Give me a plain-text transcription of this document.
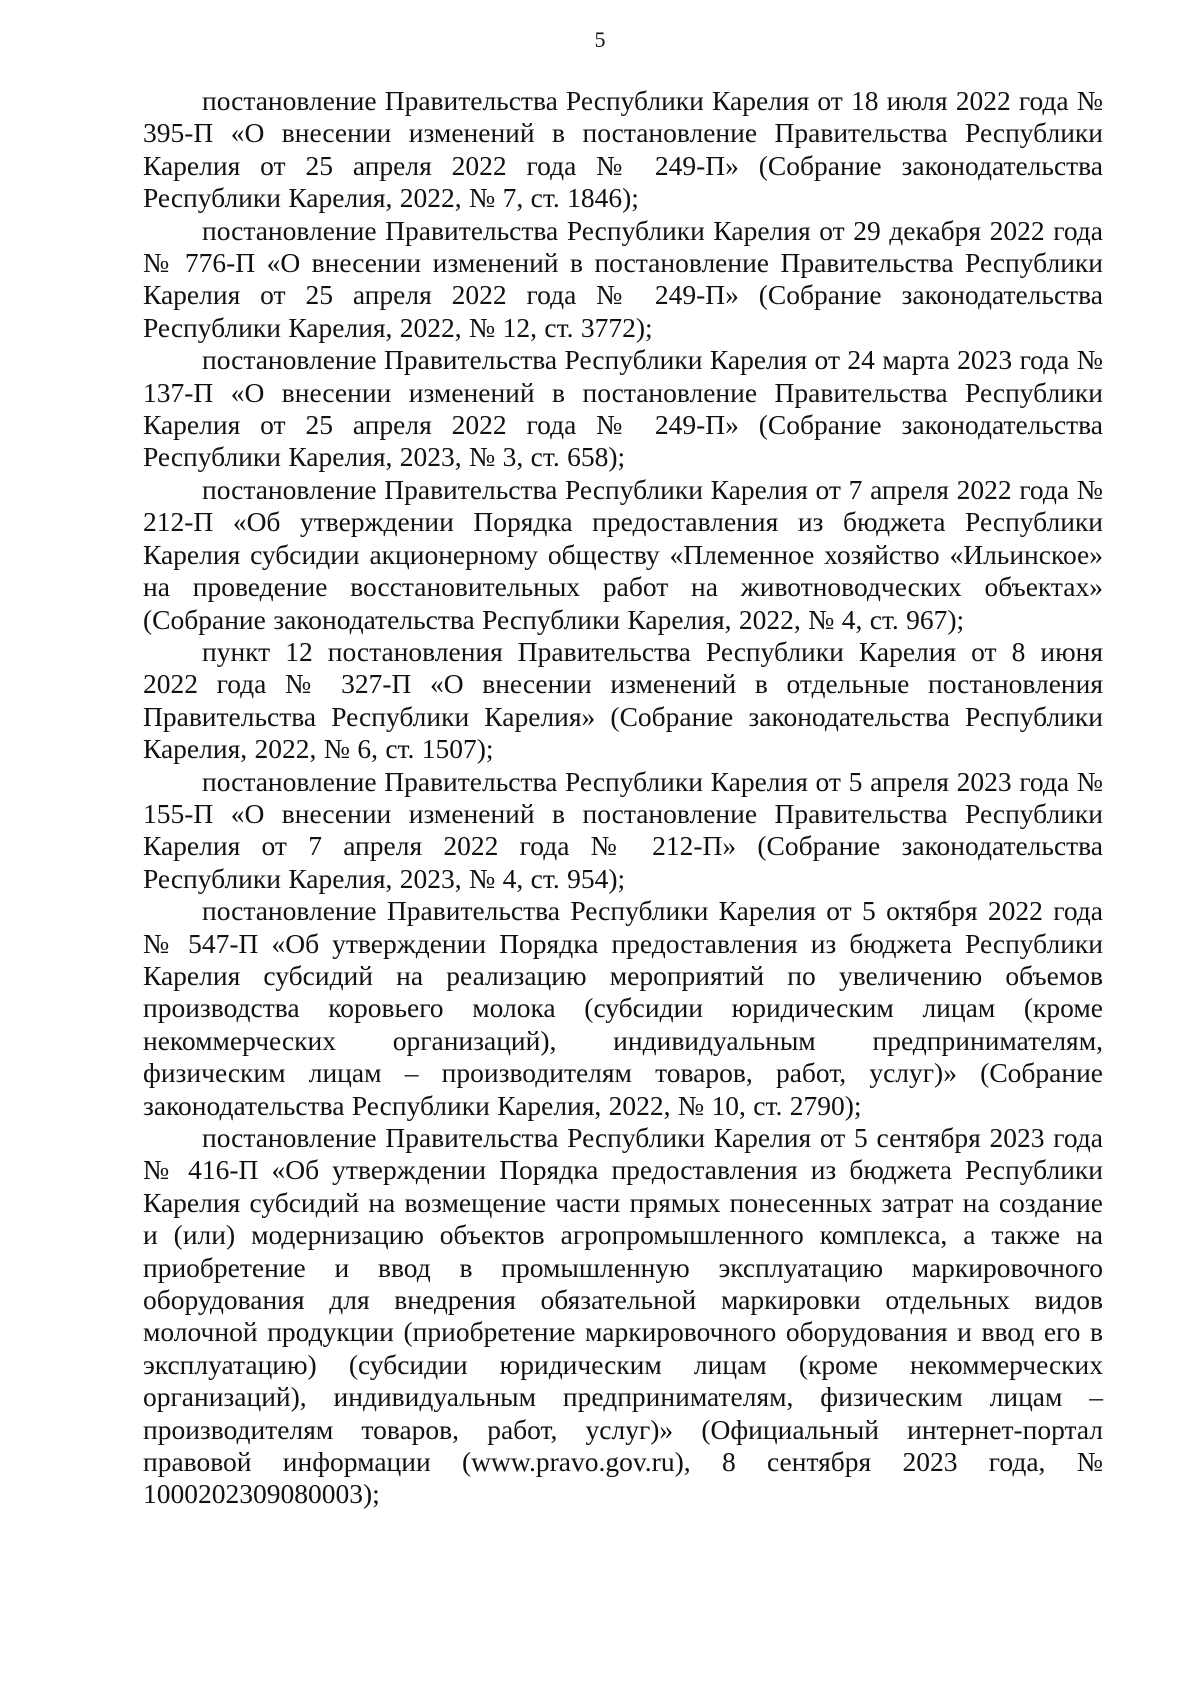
5

постановление Правительства Республики Карелия от 18 июля 2022 года № 395-П «О внесении изменений в постановление Правительства Республики Карелия от 25 апреля 2022 года № 249-П» (Собрание законодательства Республики Карелия, 2022, № 7, ст. 1846);

постановление Правительства Республики Карелия от 29 декабря 2022 года № 776-П «О внесении изменений в постановление Правительства Республики Карелия от 25 апреля 2022 года № 249-П» (Собрание законодательства Республики Карелия, 2022, № 12, ст. 3772);

постановление Правительства Республики Карелия от 24 марта 2023 года № 137-П «О внесении изменений в постановление Правительства Республики Карелия от 25 апреля 2022 года № 249-П» (Собрание законодательства Республики Карелия, 2023, № 3, ст. 658);

постановление Правительства Республики Карелия от 7 апреля 2022 года № 212-П «Об утверждении Порядка предоставления из бюджета Республики Карелия субсидии акционерному обществу «Племенное хозяйство «Ильинское» на проведение восстановительных работ на животноводческих объектах» (Собрание законодательства Республики Карелия, 2022, № 4, ст. 967);

пункт 12 постановления Правительства Республики Карелия от 8 июня 2022 года № 327-П «О внесении изменений в отдельные постановления Правительства Республики Карелия» (Собрание законодательства Республики Карелия, 2022, № 6, ст. 1507);

постановление Правительства Республики Карелия от 5 апреля 2023 года № 155-П «О внесении изменений в постановление Правительства Республики Карелия от 7 апреля 2022 года № 212-П» (Собрание законодательства Республики Карелия, 2023, № 4, ст. 954);

постановление Правительства Республики Карелия от 5 октября 2022 года № 547-П «Об утверждении Порядка предоставления из бюджета Республики Карелия субсидий на реализацию мероприятий по увеличению объемов производства коровьего молока (субсидии юридическим лицам (кроме некоммерческих организаций), индивидуальным предпринимателям, физическим лицам – производителям товаров, работ, услуг)» (Собрание законодательства Республики Карелия, 2022, № 10, ст. 2790);

постановление Правительства Республики Карелия от 5 сентября 2023 года № 416-П «Об утверждении Порядка предоставления из бюджета Республики Карелия субсидий на возмещение части прямых понесенных затрат на создание и (или) модернизацию объектов агропромышленного комплекса, а также на приобретение и ввод в промышленную эксплуатацию маркировочного оборудования для внедрения обязательной маркировки отдельных видов молочной продукции (приобретение маркировочного оборудования и ввод его в эксплуатацию) (субсидии юридическим лицам (кроме некоммерческих организаций), индивидуальным предпринимателям, физическим лицам – производителям товаров, работ, услуг)» (Официальный интернет-портал правовой информации (www.pravo.gov.ru), 8 сентября 2023 года, № 1000202309080003);
